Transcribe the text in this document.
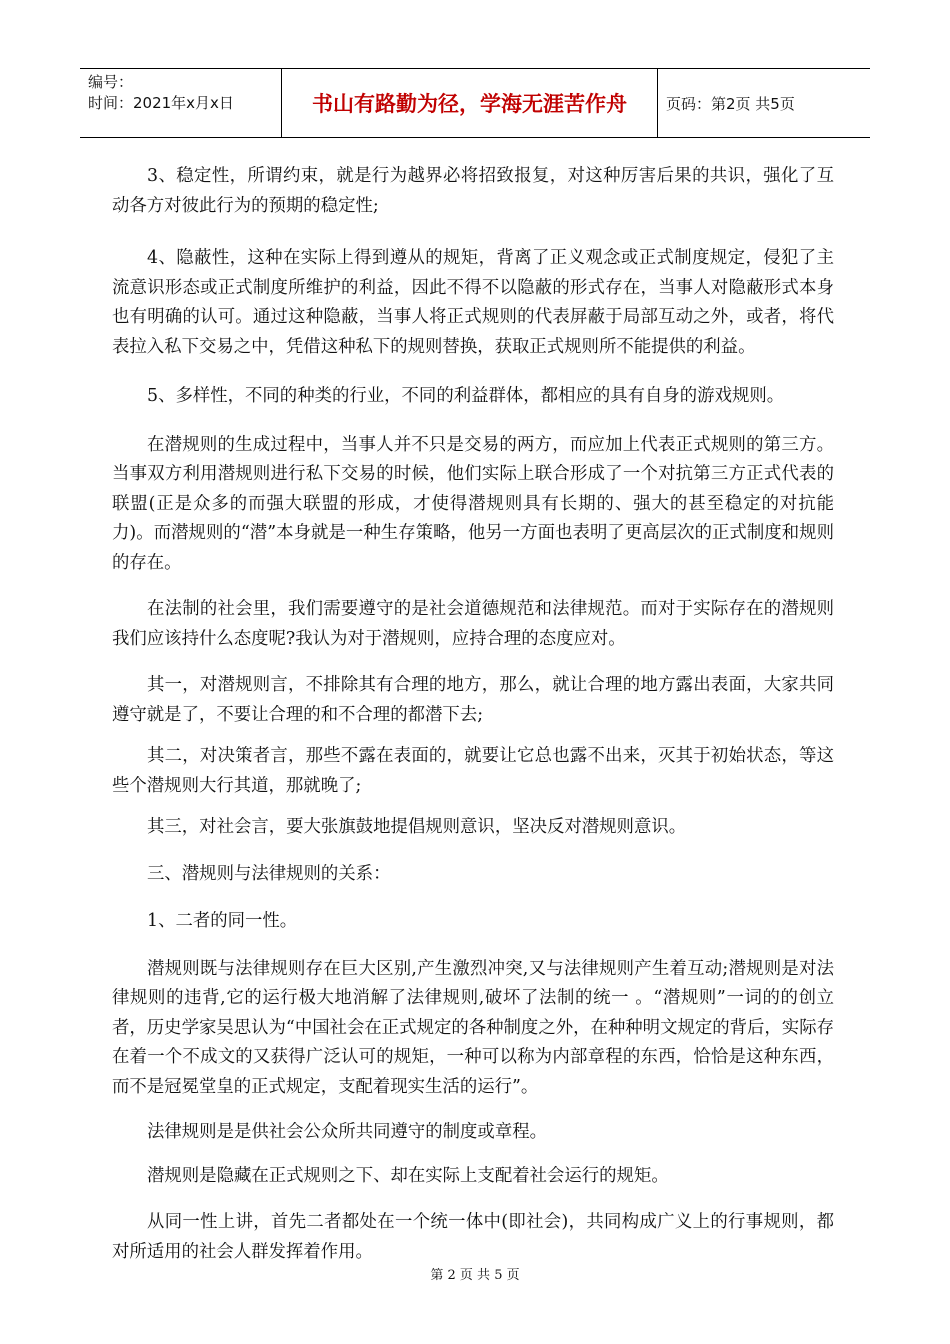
编号：
时间：2021年x月x日	书山有路勤为径，学海无涯苦作舟	页码：第2页 共5页

3、稳定性，所谓约束，就是行为越界必将招致报复，对这种厉害后果的共识，强化了互动各方对彼此行为的预期的稳定性;

4、隐蔽性，这种在实际上得到遵从的规矩，背离了正义观念或正式制度规定，侵犯了主流意识形态或正式制度所维护的利益，因此不得不以隐蔽的形式存在，当事人对隐蔽形式本身也有明确的认可。通过这种隐蔽，当事人将正式规则的代表屏蔽于局部互动之外，或者，将代表拉入私下交易之中，凭借这种私下的规则替换，获取正式规则所不能提供的利益。

5、多样性，不同的种类的行业，不同的利益群体，都相应的具有自身的游戏规则。

在潜规则的生成过程中，当事人并不只是交易的两方，而应加上代表正式规则的第三方。当事双方利用潜规则进行私下交易的时候，他们实际上联合形成了一个对抗第三方正式代表的联盟(正是众多的而强大联盟的形成，才使得潜规则具有长期的、强大的甚至稳定的对抗能力)。而潜规则的“潜”本身就是一种生存策略，他另一方面也表明了更高层次的正式制度和规则的存在。

在法制的社会里，我们需要遵守的是社会道德规范和法律规范。而对于实际存在的潜规则我们应该持什么态度呢?我认为对于潜规则，应持合理的态度应对。

其一，对潜规则言，不排除其有合理的地方，那么，就让合理的地方露出表面，大家共同遵守就是了，不要让合理的和不合理的都潜下去;

其二，对决策者言，那些不露在表面的，就要让它总也露不出来，灭其于初始状态，等这些个潜规则大行其道，那就晚了;

其三，对社会言，要大张旗鼓地提倡规则意识，坚决反对潜规则意识。

三、潜规则与法律规则的关系：

1、二者的同一性。

潜规则既与法律规则存在巨大区别,产生激烈冲突,又与法律规则产生着互动;潜规则是对法律规则的违背,它的运行极大地消解了法律规则,破坏了法制的统一 。“潜规则”一词的的创立者，历史学家吴思认为“中国社会在正式规定的各种制度之外，在种种明文规定的背后，实际存在着一个不成文的又获得广泛认可的规矩，一种可以称为内部章程的东西，恰恰是这种东西，而不是冠冕堂皇的正式规定，支配着现实生活的运行”。

法律规则是是供社会公众所共同遵守的制度或章程。

潜规则是隐藏在正式规则之下、却在实际上支配着社会运行的规矩。

从同一性上讲，首先二者都处在一个统一体中(即社会)，共同构成广义上的行事规则，都对所适用的社会人群发挥着作用。

第 2 页 共 5 页
